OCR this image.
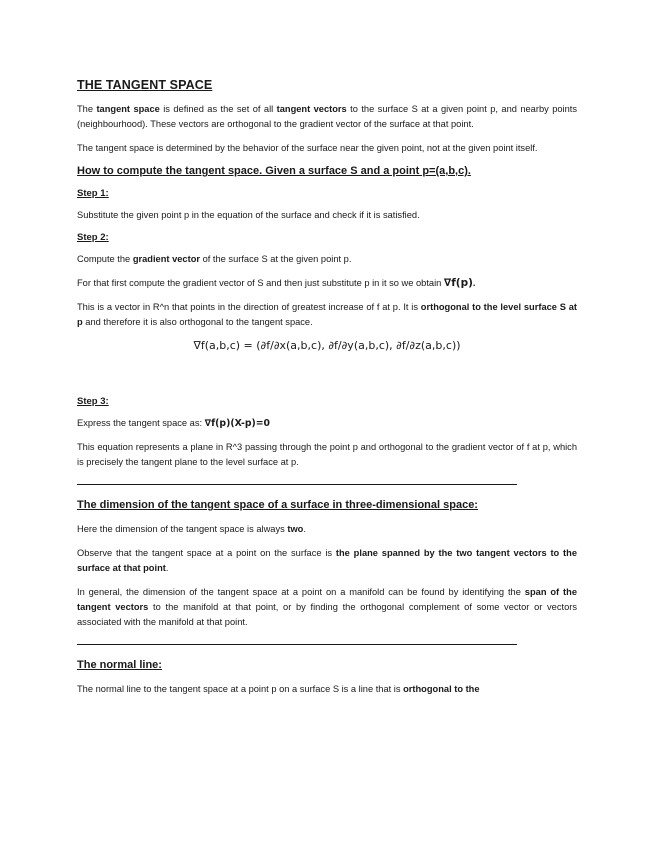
THE TANGENT SPACE

The tangent space is defined as the set of all tangent vectors to the surface S at a given point p, and nearby points (neighbourhood). These vectors are orthogonal to the gradient vector of the surface at that point.

The tangent space is determined by the behavior of the surface near the given point, not at the given point itself.

How to compute the tangent space. Given a surface S and a point p=(a,b,c).
Step 1:

Substitute the given point p in the equation of the surface and check if it is satisfied.

Step 2:

Compute the gradient vector of the surface S at the given point p.

For that first compute the gradient vector of S and then just substitute p in it so we obtain ∇f(p).

This is a vector in R^n that points in the direction of greatest increase of f at p. It is orthogonal to the level surface S at p and therefore it is also orthogonal to the tangent space.

∇f(a,b,c) = (∂f/∂x(a,b,c), ∂f/∂y(a,b,c), ∂f/∂z(a,b,c))
Step 3:

Express the tangent space as: ∇f(p)(X-p)=0

This equation represents a plane in R^3 passing through the point p and orthogonal to the gradient vector of f at p, which is precisely the tangent plane to the level surface at p.

The dimension of the tangent space of a surface in three-dimensional space:

Here the dimension of the tangent space is always two.

Observe that the tangent space at a point on the surface is the plane spanned by the two tangent vectors to the surface at that point.

In general, the dimension of the tangent space at a point on a manifold can be found by identifying the span of the tangent vectors to the manifold at that point, or by finding the orthogonal complement of some vector or vectors associated with the manifold at that point.

The normal line:

The normal line to the tangent space at a point p on a surface S is a line that is orthogonal to the
